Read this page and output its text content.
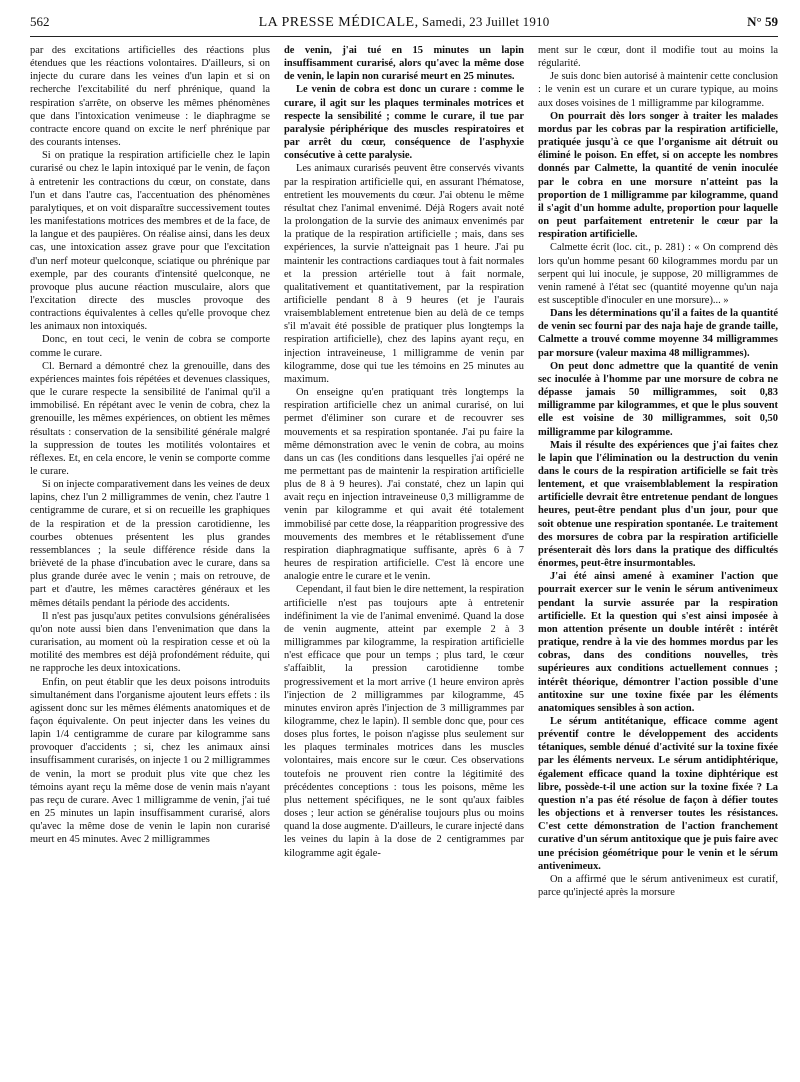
562	LA PRESSE MÉDICALE, Samedi, 23 Juillet 1910	N° 59

par des excitations artificielles des réactions plus étendues que les réactions volontaires. D'ailleurs, si on injecte du curare dans les veines d'un lapin et si on recherche l'excitabilité du nerf phrénique, quand la respiration s'arrête, on observe les mêmes phénomènes que dans l'intoxication venimeuse : le diaphragme se contracte encore quand on excite le nerf phrénique par des courants intenses.

Si on pratique la respiration artificielle chez le lapin curarisé ou chez le lapin intoxiqué par le venin, de façon à entretenir les contractions du cœur, on constate, dans l'un et dans l'autre cas, l'accentuation des phénomènes paralytiques, et on voit disparaître successivement toutes les manifestations motrices des membres et de la face, de la langue et des paupières. On réalise ainsi, dans les deux cas, une intoxication assez grave pour que l'excitation d'un nerf moteur quelconque, sciatique ou phrénique par exemple, par des courants d'intensité quelconque, ne provoque plus aucune réaction musculaire, alors que l'excitation directe des muscles provoque des contractions équivalentes à celles qu'elle provoque chez les animaux non intoxiqués.

Donc, en tout ceci, le venin de cobra se comporte comme le curare.

Cl. Bernard a démontré chez la grenouille, dans des expériences maintes fois répétées et devenues classiques, que le curare respecte la sensibilité de l'animal qu'il a immobilisé. En répétant avec le venin de cobra, chez la grenouille, les mêmes expériences, on obtient les mêmes résultats : conservation de la sensibilité générale malgré la suppression de toutes les motilités volontaires et réflexes. Et, en cela encore, le venin se comporte comme le curare.

Si on injecte comparativement dans les veines de deux lapins, chez l'un 2 milligrammes de venin, chez l'autre 1 centigramme de curare, et si on recueille les graphiques de la respiration et de la pression carotidienne, les courbes obtenues présentent les plus grandes ressemblances ; la seule différence réside dans la brièveté de la phase d'incubation avec le curare, dans sa plus grande durée avec le venin ; mais on retrouve, de part et d'autre, les mêmes caractères généraux et les mêmes détails pendant la période des accidents.

Il n'est pas jusqu'aux petites convulsions généralisées qu'on note aussi bien dans l'envenimation que dans la curarisation, au moment où la respiration cesse et où la motilité des membres est déjà profondément réduite, qui ne rapproche les deux intoxications.

Enfin, on peut établir que les deux poisons introduits simultanément dans l'organisme ajoutent leurs effets : ils agissent donc sur les mêmes éléments anatomiques et de façon équivalente. On peut injecter dans les veines du lapin 1/4 centigramme de curare par kilogramme sans provoquer d'accidents ; si, chez les animaux ainsi insuffisamment curarisés, on injecte 1 ou 2 milligrammes de venin, la mort se produit plus vite que chez les témoins ayant reçu la même dose de venin mais n'ayant pas reçu de curare. Avec 1 milligramme de venin, j'ai tué en 25 minutes un lapin insuffisamment curarisé, alors qu'avec la même dose de venin le lapin non curarisé meurt en 45 minutes. Avec 2 milligrammes

de venin, j'ai tué en 15 minutes un lapin insuffisamment curarisé, alors qu'avec la même dose de venin, le lapin non curarisé meurt en 25 minutes.

Le venin de cobra est donc un curare : comme le curare, il agit sur les plaques terminales motrices et respecte la sensibilité ; comme le curare, il tue par paralysie périphérique des muscles respiratoires et par arrêt du cœur, conséquence de l'asphyxie consécutive à cette paralysie.

Les animaux curarisés peuvent être conservés vivants par la respiration artificielle qui, en assurant l'hématose, entretient les mouvements du cœur. J'ai obtenu le même résultat chez l'animal envenimé. Déjà Rogers avait noté la prolongation de la survie des animaux envenimés par la pratique de la respiration artificielle ; mais, dans ses expériences, la survie n'atteignait pas 1 heure. J'ai pu maintenir les contractions cardiaques tout à fait normales et la pression artérielle tout à fait normale, qualitativement et quantitativement, par la respiration artificielle pendant 8 à 9 heures (et je l'aurais vraisemblablement entretenue bien au delà de ce temps s'il m'avait été possible de pratiquer plus longtemps la respiration artificielle), chez des lapins ayant reçu, en injection intraveineuse, 1 milligramme de venin par kilogramme, dose qui tue les témoins en 25 minutes au maximum.

On enseigne qu'en pratiquant très longtemps la respiration artificielle chez un animal curarisé, on lui permet d'éliminer son curare et de recouvrer ses mouvements et sa respiration spontanée. J'ai pu faire la même démonstration avec le venin de cobra, au moins dans un cas (les conditions dans lesquelles j'ai opéré ne me permettant pas de maintenir la respiration artificielle plus de 8 à 9 heures). J'ai constaté, chez un lapin qui avait reçu en injection intraveineuse 0,3 milligramme de venin par kilogramme et qui avait été totalement immobilisé par cette dose, la réapparition progressive des mouvements des membres et le rétablissement d'une respiration diaphragmatique suffisante, après 6 à 7 heures de respiration artificielle. C'est là encore une analogie entre le curare et le venin.

Cependant, il faut bien le dire nettement, la respiration artificielle n'est pas toujours apte à entretenir indéfiniment la vie de l'animal envenimé. Quand la dose de venin augmente, atteint par exemple 2 à 3 milligrammes par kilogramme, la respiration artificielle n'est efficace que pour un temps ; plus tard, le cœur s'affaiblit, la pression carotidienne tombe progressivement et la mort arrive (1 heure environ après l'injection de 2 milligrammes par kilogramme, 45 minutes environ après l'injection de 3 milligrammes par kilogramme, chez le lapin). Il semble donc que, pour ces doses plus fortes, le poison n'agisse plus seulement sur les plaques terminales motrices dans les muscles volontaires, mais encore sur le cœur. Ces observations toutefois ne prouvent rien contre la légitimité des précédentes conceptions : tous les poisons, même les plus nettement spécifiques, ne le sont qu'aux faibles doses ; leur action se généralise toujours plus ou moins quand la dose augmente. D'ailleurs, le curare injecté dans les veines du lapin à la dose de 2 centigrammes par kilogramme agit égale-

ment sur le cœur, dont il modifie tout au moins la régularité.

Je suis donc bien autorisé à maintenir cette conclusion : le venin est un curare et un curare typique, au moins aux doses voisines de 1 milligramme par kilogramme.

On pourrait dès lors songer à traiter les malades mordus par les cobras par la respiration artificielle, pratiquée jusqu'à ce que l'organisme ait détruit ou éliminé le poison. En effet, si on accepte les nombres donnés par Calmette, la quantité de venin inoculée par le cobra en une morsure n'atteint pas la proportion de 1 milligramme par kilogramme, quand il s'agit d'un homme adulte, proportion pour laquelle on peut parfaitement entretenir le cœur par la respiration artificielle.

Calmette écrit (loc. cit., p. 281) : « On comprend dès lors qu'un homme pesant 60 kilogrammes mordu par un serpent qui lui inocule, je suppose, 20 milligrammes de venin ramené à l'état sec (quantité moyenne qu'un naja est susceptible d'inoculer en une morsure)... »

Dans les déterminations qu'il a faites de la quantité de venin sec fourni par des naja haje de grande taille, Calmette a trouvé comme moyenne 34 milligrammes par morsure (valeur maxima 48 milligrammes).

On peut donc admettre que la quantité de venin sec inoculée à l'homme par une morsure de cobra ne dépasse jamais 50 milligrammes, soit 0,83 milligramme par kilogrammes, et que le plus souvent elle est voisine de 30 milligrammes, soit 0,50 milligramme par kilogramme.

Mais il résulte des expériences que j'ai faites chez le lapin que l'élimination ou la destruction du venin dans le cours de la respiration artificielle se fait très lentement, et que vraisemblablement la respiration artificielle devrait être entretenue pendant de longues heures, peut-être pendant plus d'un jour, pour que soit obtenue une respiration spontanée. Le traitement des morsures de cobra par la respiration artificielle présenterait dès lors dans la pratique des difficultés énormes, peut-être insurmontables.

J'ai été ainsi amené à examiner l'action que pourrait exercer sur le venin le sérum antivenimeux pendant la survie assurée par la respiration artificielle. Et la question qui s'est ainsi imposée à mon attention présente un double intérêt : intérêt pratique, rendre à la vie des hommes mordus par les cobras, dans des conditions nouvelles, très supérieures aux conditions actuellement connues ; intérêt théorique, démontrer l'action possible d'une antitoxine sur une toxine fixée par les éléments anatomiques sensibles à son action.

Le sérum antitétanique, efficace comme agent préventif contre le développement des accidents tétaniques, semble dénué d'activité sur la toxine fixée par les éléments nerveux. Le sérum antidiphtérique, également efficace quand la toxine diphtérique est libre, possède-t-il une action sur la toxine fixée ? La question n'a pas été résolue de façon à défier toutes les objections et à renverser toutes les résistances. C'est cette démonstration de l'action franchement curative d'un sérum antitoxique que je puis faire avec une précision géométrique pour le venin et le sérum antivenimeux.

On a affirmé que le sérum antivenimeux est curatif, parce qu'injecté après la morsure
